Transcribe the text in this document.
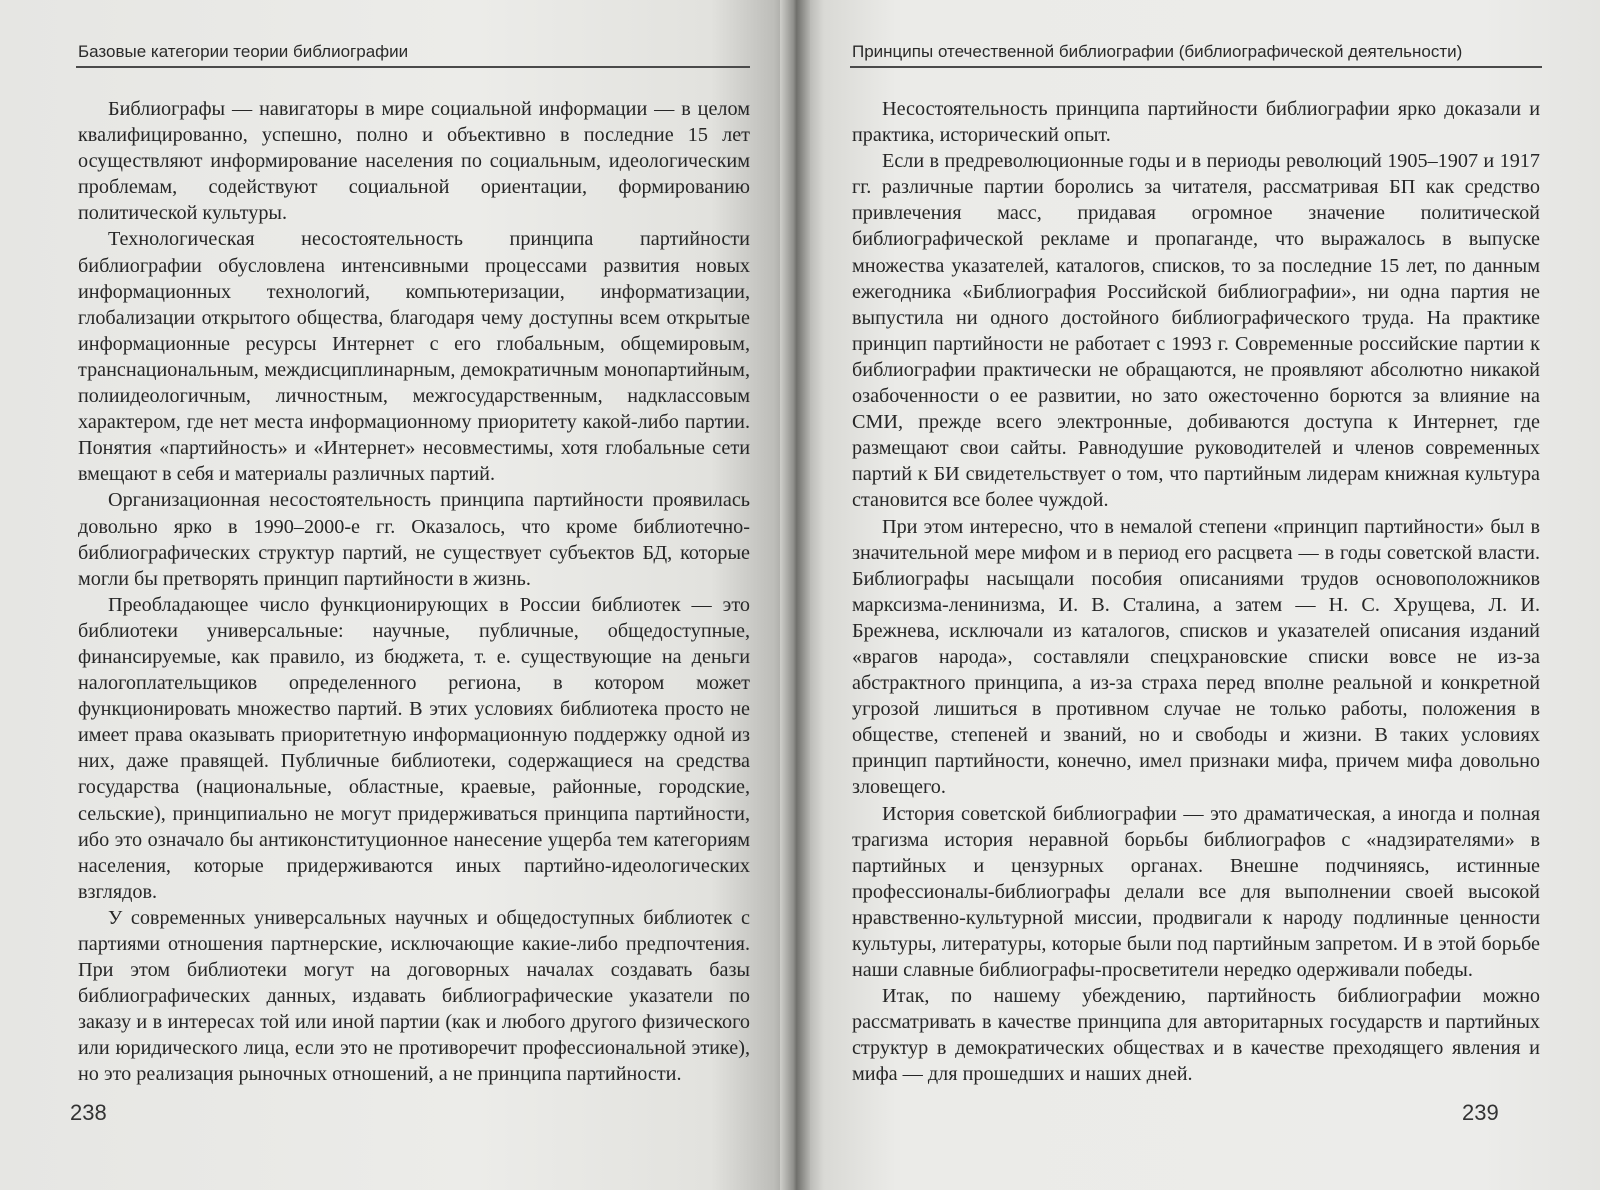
Базовые категории теории библиографии

Библиографы — навигаторы в мире социальной информации — в целом квалифицированно, успешно, полно и объективно в последние 15 лет осуществляют информирование населения по социальным, идеологическим проблемам, содействуют социальной ориентации, формированию политической культуры.

Технологическая несостоятельность принципа партийности библиографии обусловлена интенсивными процессами развития новых информационных технологий, компьютеризации, информатизации, глобализации открытого общества, благодаря чему доступны всем открытые информационные ресурсы Интернет с его глобальным, общемировым, транснациональным, междисциплинарным, демократичным монопартийным, полиидеологичным, личностным, межгосударственным, надклассовым характером, где нет места информационному приоритету какой-либо партии. Понятия «партийность» и «Интернет» несовместимы, хотя глобальные сети вмещают в себя и материалы различных партий.

Организационная несостоятельность принципа партийности проявилась довольно ярко в 1990–2000-е гг. Оказалось, что кроме библиотечно-библиографических структур партий, не существует субъектов БД, которые могли бы претворять принцип партийности в жизнь.

Преобладающее число функционирующих в России библиотек — это библиотеки универсальные: научные, публичные, общедоступные, финансируемые, как правило, из бюджета, т. е. существующие на деньги налогоплательщиков определенного региона, в котором может функционировать множество партий. В этих условиях библиотека просто не имеет права оказывать приоритетную информационную поддержку одной из них, даже правящей. Публичные библиотеки, содержащиеся на средства государства (национальные, областные, краевые, районные, городские, сельские), принципиально не могут придерживаться принципа партийности, ибо это означало бы антиконституционное нанесение ущерба тем категориям населения, которые придерживаются иных партийно-идеологических взглядов.

У современных универсальных научных и общедоступных библиотек с партиями отношения партнерские, исключающие какие-либо предпочтения. При этом библиотеки могут на договорных началах создавать базы библиографических данных, издавать библиографические указатели по заказу и в интересах той или иной партии (как и любого другого физического или юридического лица, если это не противоречит профессиональной этике), но это реализация рыночных отношений, а не принципа партийности.

238
Принципы отечественной библиографии (библиографической деятельности)

Несостоятельность принципа партийности библиографии ярко доказали и практика, исторический опыт.

Если в предреволюционные годы и в периоды революций 1905–1907 и 1917 гг. различные партии боролись за читателя, рассматривая БП как средство привлечения масс, придавая огромное значение политической библиографической рекламе и пропаганде, что выражалось в выпуске множества указателей, каталогов, списков, то за последние 15 лет, по данным ежегодника «Библиография Российской библиографии», ни одна партия не выпустила ни одного достойного библиографического труда. На практике принцип партийности не работает с 1993 г. Современные российские партии к библиографии практически не обращаются, не проявляют абсолютно никакой озабоченности о ее развитии, но зато ожесточенно борются за влияние на СМИ, прежде всего электронные, добиваются доступа к Интернет, где размещают свои сайты. Равнодушие руководителей и членов современных партий к БИ свидетельствует о том, что партийным лидерам книжная культура становится все более чуждой.

При этом интересно, что в немалой степени «принцип партийности» был в значительной мере мифом и в период его расцвета — в годы советской власти. Библиографы насыщали пособия описаниями трудов основоположников марксизма-ленинизма, И. В. Сталина, а затем — Н. С. Хрущева, Л. И. Брежнева, исключали из каталогов, списков и указателей описания изданий «врагов народа», составляли спецхрановские списки вовсе не из-за абстрактного принципа, а из-за страха перед вполне реальной и конкретной угрозой лишиться в противном случае не только работы, положения в обществе, степеней и званий, но и свободы и жизни. В таких условиях принцип партийности, конечно, имел признаки мифа, причем мифа довольно зловещего.

История советской библиографии — это драматическая, а иногда и полная трагизма история неравной борьбы библиографов с «надзирателями» в партийных и цензурных органах. Внешне подчиняясь, истинные профессионалы-библиографы делали все для выполнении своей высокой нравственно-культурной миссии, продвигали к народу подлинные ценности культуры, литературы, которые были под партийным запретом. И в этой борьбе наши славные библиографы-просветители нередко одерживали победы.

Итак, по нашему убеждению, партийность библиографии можно рассматривать в качестве принципа для авторитарных государств и партийных структур в демократических обществах и в качестве преходящего явления и мифа — для прошедших и наших дней.

239
